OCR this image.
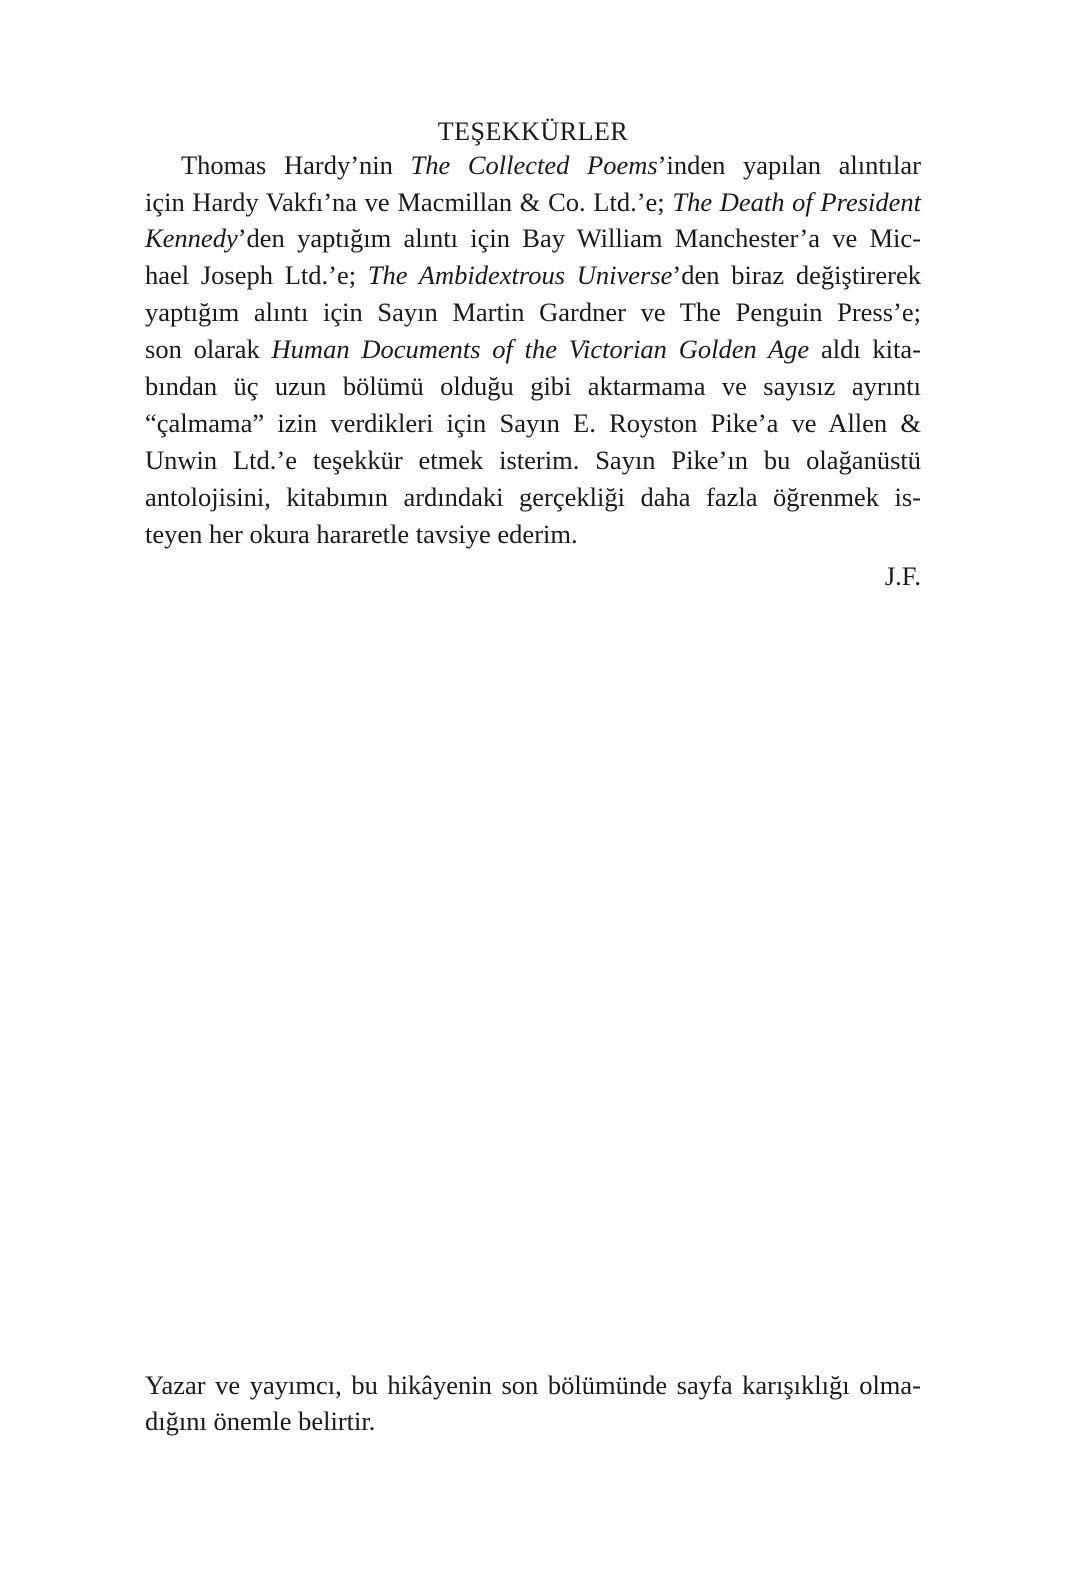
TEŞEKKÜRLER
Thomas Hardy’nin The Collected Poems’inden yapılan alıntılar
için Hardy Vakfı’na ve Macmillan & Co. Ltd.’e; The Death of President
Kennedy’den yaptığım alıntı için Bay William Manchester’a ve Mic-
hael Joseph Ltd.’e; The Ambidextrous Universe’den biraz değiştirerek
yaptığım alıntı için Sayın Martin Gardner ve The Penguin Press’e;
son olarak Human Documents of the Victorian Golden Age aldı kita-
bından üç uzun bölümü olduğu gibi aktarmama ve sayısız ayrıntı
“çalmama” izin verdikleri için Sayın E. Royston Pike’a ve Allen &
Unwin Ltd.’e teşekkür etmek isterim. Sayın Pike’ın bu olağanüstü
antolojisini, kitabımın ardındaki gerçekliği daha fazla öğrenmek is-
teyen her okura hararetle tavsiye ederim.
J.F.
Yazar ve yayımcı, bu hikâyenin son bölümünde sayfa karışıklığı olma-
dığını önemle belirtir.
